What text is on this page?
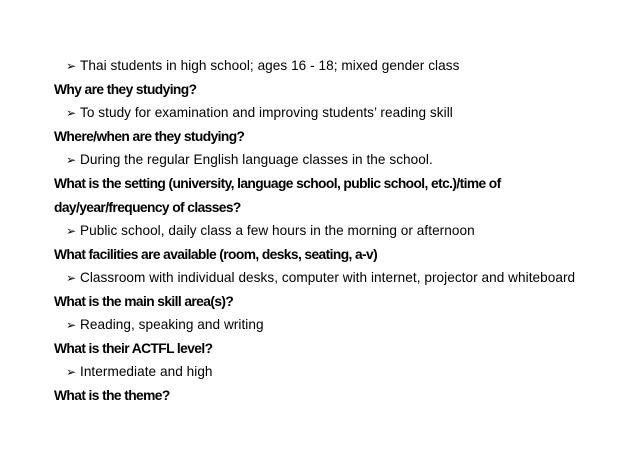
➢ Thai students in high school; ages 16 - 18; mixed gender class
Why are they studying?
➢ To study for examination and improving students’ reading skill
Where/when are they studying?
➢ During the regular English language classes in the school.
What is the setting (university, language school, public school, etc.)/time of
day/year/frequency of classes?
➢ Public school, daily class a few hours in the morning or afternoon
What facilities are available (room, desks, seating, a-v)
➢ Classroom with individual desks, computer with internet, projector and whiteboard
What is the main skill area(s)?
➢ Reading, speaking and writing
What is their ACTFL level?
➢ Intermediate and high
What is the theme?
